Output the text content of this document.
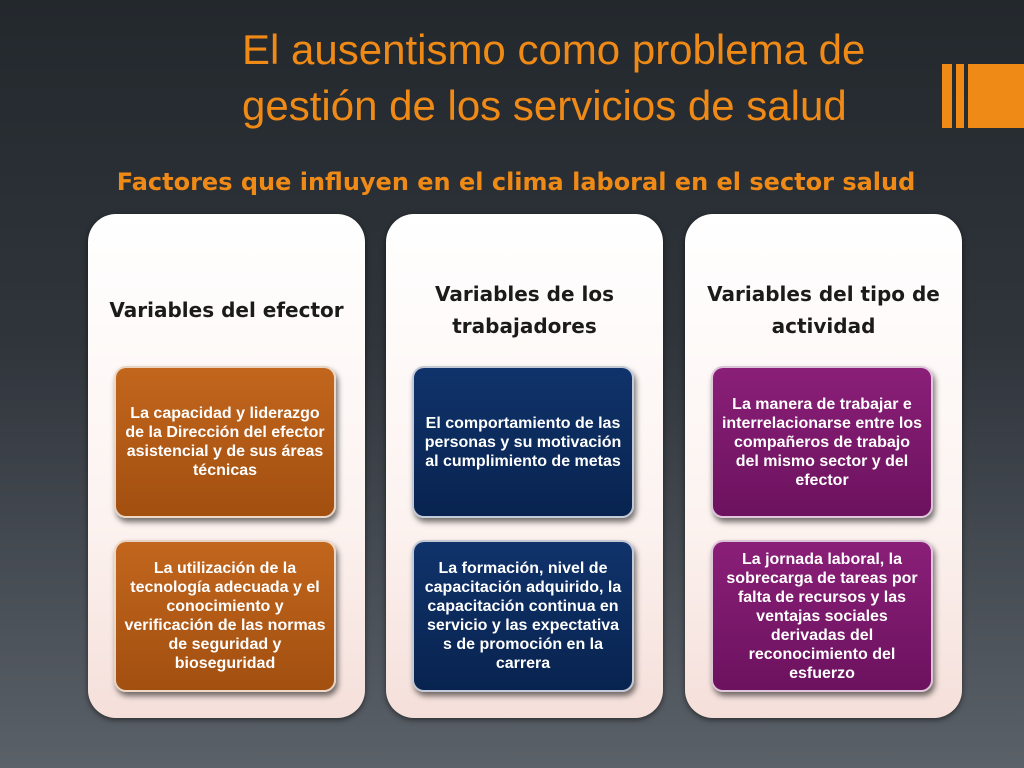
El ausentismo como problema de
gestión de los servicios de salud
Factores que influyen en el clima laboral en el sector salud
Variables del efector
La capacidad y liderazgo de la Dirección del efector asistencial y de sus áreas técnicas
La utilización de la tecnología adecuada y el conocimiento y verificación de las normas de seguridad y bioseguridad
Variables de los trabajadores
El comportamiento de las personas y su motivación al cumplimiento de metas
La formación, nivel de capacitación adquirido, la capacitación continua en servicio y las expectativa s de promoción en la carrera
Variables del tipo de actividad
La manera de trabajar e interrelacionarse entre los compañeros de trabajo del mismo sector y del efector
La jornada laboral, la sobrecarga de tareas por falta de recursos y las ventajas sociales derivadas del reconocimiento del esfuerzo
